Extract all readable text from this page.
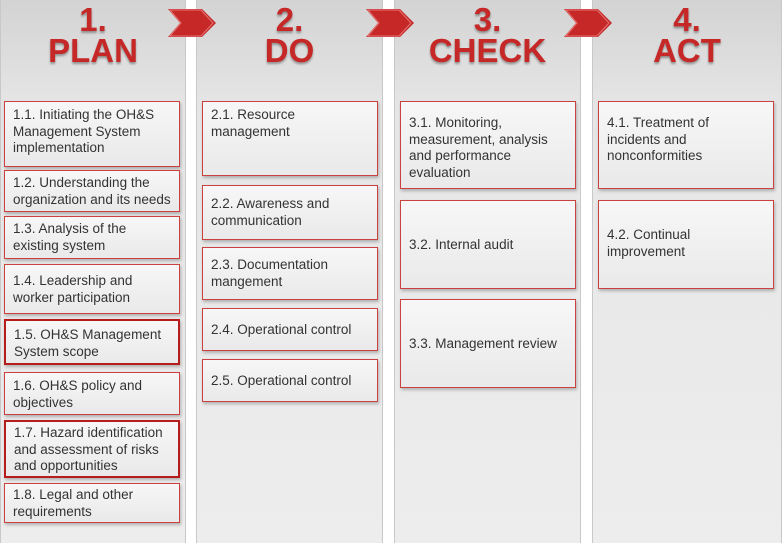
1.
PLAN
2.
DO
3.
CHECK
4.
ACT
1.1. Initiating the OH&S Management System implementation
1.2. Understanding the organization and its needs
1.3. Analysis of the existing system
1.4. Leadership and worker participation
1.5. OH&S Management System scope
1.6. OH&S policy and objectives
1.7. Hazard identification and assessment of risks and opportunities
1.8. Legal and other requirements
2.1. Resource management
2.2. Awareness and communication
2.3. Documentation mangement
2.4. Operational control
2.5. Operational control
3.1. Monitoring, measurement, analysis and performance evaluation
3.2. Internal audit
3.3. Management review
4.1. Treatment of incidents and nonconformities
4.2. Continual improvement
